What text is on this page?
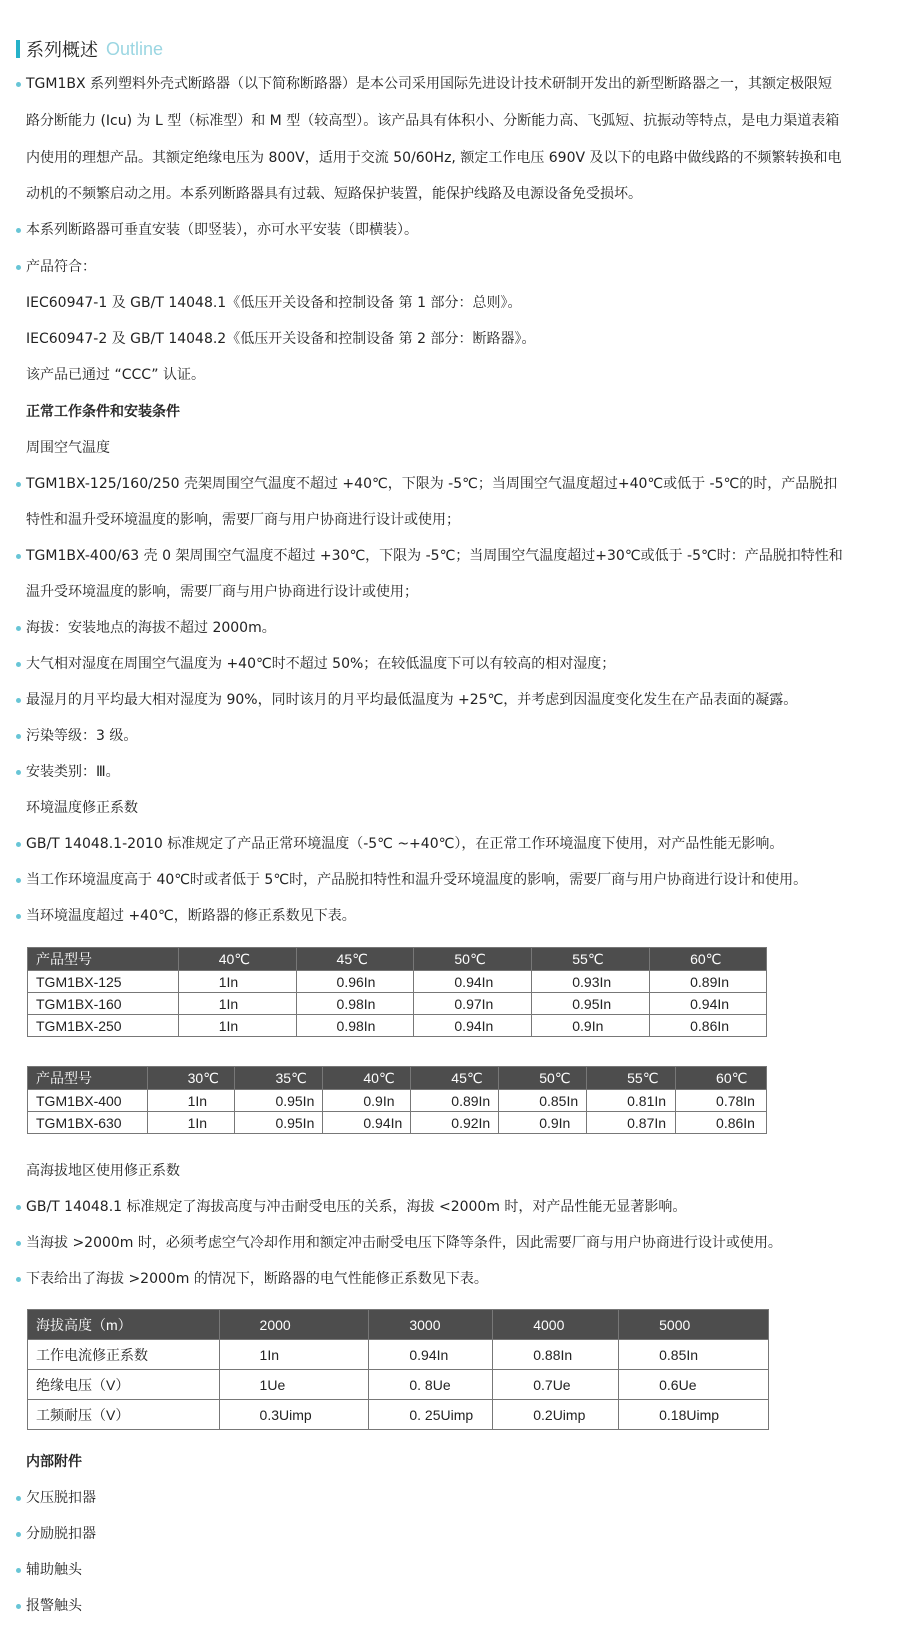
系列概述 Outline
TGM1BX 系列塑料外壳式断路器（以下简称断路器）是本公司采用国际先进设计技术研制开发出的新型断路器之一，其额定极限短
路分断能力 (Icu) 为 L 型（标准型）和 M 型（较高型）。该产品具有体积小、分断能力高、飞弧短、抗振动等特点，是电力渠道表箱
内使用的理想产品。其额定绝缘电压为 800V，适用于交流 50/60Hz, 额定工作电压 690V 及以下的电路中做线路的不频繁转换和电
动机的不频繁启动之用。本系列断路器具有过载、短路保护装置，能保护线路及电源设备免受损坏。
本系列断路器可垂直安装（即竖装），亦可水平安装（即横装）。
产品符合：
IEC60947-1 及 GB/T 14048.1《低压开关设备和控制设备 第 1 部分：总则》。
IEC60947-2 及 GB/T 14048.2《低压开关设备和控制设备 第 2 部分：断路器》。
该产品已通过 “CCC” 认证。
正常工作条件和安装条件
周围空气温度
TGM1BX-125/160/250 壳架周围空气温度不超过 +40℃，下限为 -5℃；当周围空气温度超过+40℃或低于 -5℃的时，产品脱扣
特性和温升受环境温度的影响，需要厂商与用户协商进行设计或使用；
TGM1BX-400/63 壳 0 架周围空气温度不超过 +30℃，下限为 -5℃；当周围空气温度超过+30℃或低于 -5℃时：产品脱扣特性和
温升受环境温度的影响，需要厂商与用户协商进行设计或使用；
海拔：安装地点的海拔不超过 2000m。
大气相对湿度在周围空气温度为 +40℃时不超过 50%；在较低温度下可以有较高的相对湿度；
最湿月的月平均最大相对湿度为 90%，同时该月的月平均最低温度为 +25℃，并考虑到因温度变化发生在产品表面的凝露。
污染等级：3 级。
安装类别：Ⅲ。
环境温度修正系数
GB/T 14048.1-2010 标准规定了产品正常环境温度（-5℃ ~+40℃），在正常工作环境温度下使用，对产品性能无影响。
当工作环境温度高于 40℃时或者低于 5℃时，产品脱扣特性和温升受环境温度的影响，需要厂商与用户协商进行设计和使用。
当环境温度超过 +40℃，断路器的修正系数见下表。
高海拔地区使用修正系数
GB/T 14048.1 标准规定了海拔高度与冲击耐受电压的关系，海拔 <2000m 时，对产品性能无显著影响。
当海拔 >2000m 时，必须考虑空气冷却作用和额定冲击耐受电压下降等条件，因此需要厂商与用户协商进行设计或使用。
下表给出了海拔 >2000m 的情况下，断路器的电气性能修正系数见下表。
内部附件
欠压脱扣器
分励脱扣器
辅助触头
报警触头
产品型号	40℃	45℃	50℃	55℃	60℃
TGM1BX-125	1In	0.96In	0.94In	0.93In	0.89In
TGM1BX-160	1In	0.98In	0.97In	0.95In	0.94In
TGM1BX-250	1In	0.98In	0.94In	0.9In	0.86In
产品型号	30℃	35℃	40℃	45℃	50℃	55℃	60℃
TGM1BX-400	1In	0.95In	0.9In	0.89In	0.85In	0.81In	0.78In
TGM1BX-630	1In	0.95In	0.94In	0.92In	0.9In	0.87In	0.86In
海拔高度（m）	2000	3000	4000	5000
工作电流修正系数	1In	0.94In	0.88In	0.85In
绝缘电压（V）	1Ue	0. 8Ue	0.7Ue	0.6Ue
工频耐压（V）	0.3Uimp	0. 25Uimp	0.2Uimp	0.18Uimp
